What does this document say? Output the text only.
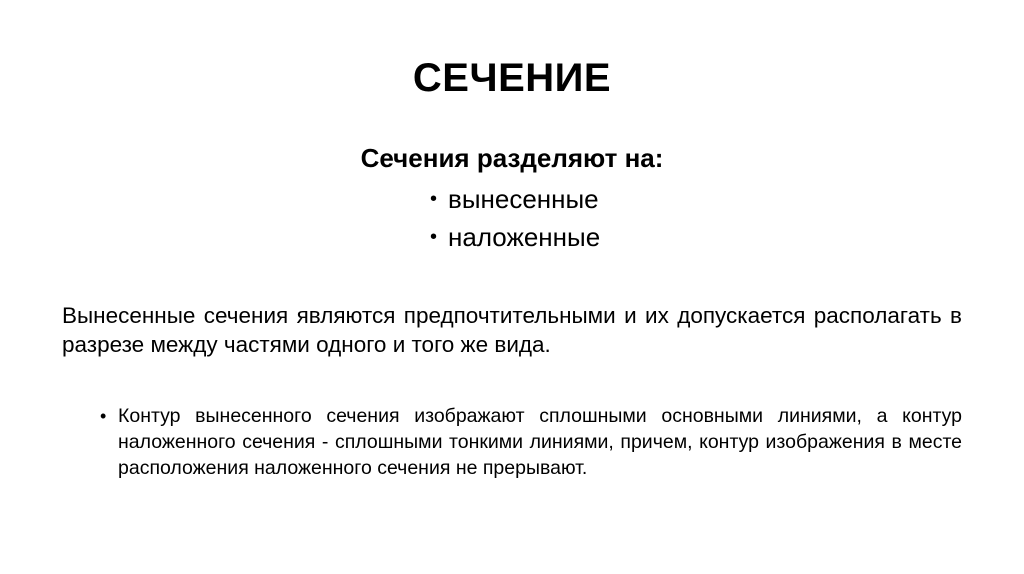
СЕЧЕНИЕ
Сечения разделяют на:
• вынесенные
• наложенные
Вынесенные сечения являются предпочтительными и их допускается располагать в разрезе между частями одного и того же вида.
• Контур вынесенного сечения изображают сплошными основными линиями, а контур наложенного сечения - сплошными тонкими линиями, причем, контур изображения в месте расположения наложенного сечения не прерывают.
